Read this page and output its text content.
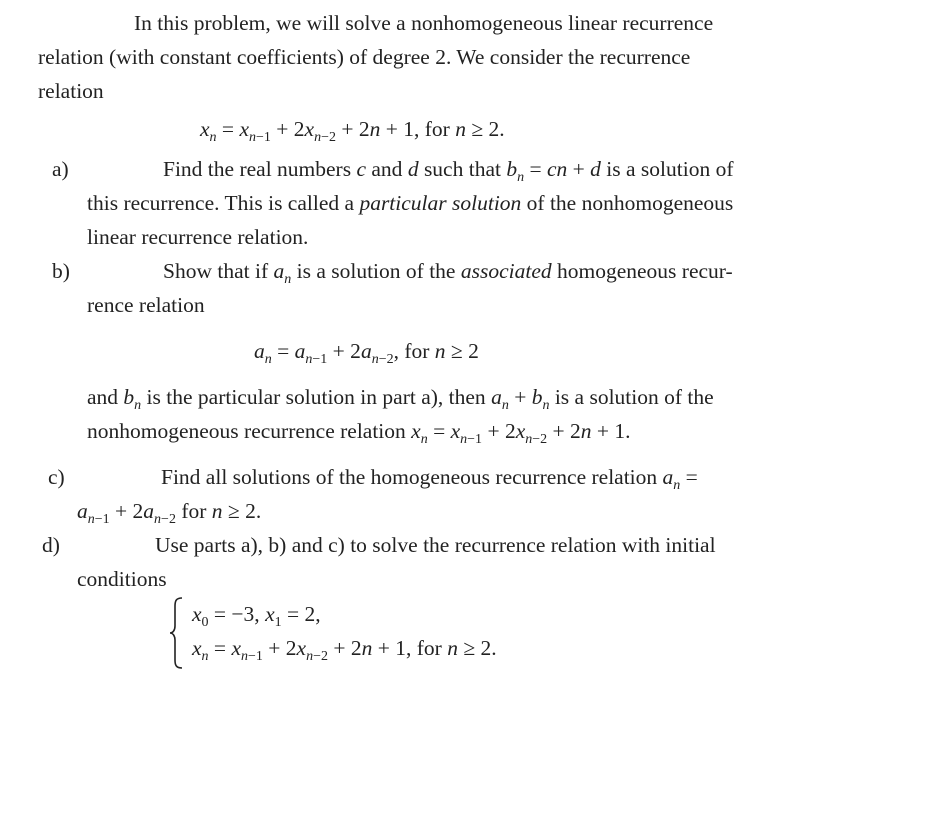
In this problem, we will solve a nonhomogeneous linear recurrence
relation (with constant coefficients) of degree 2. We consider the recurrence
relation
$x_n = x_{n-1} + 2x_{n-2} + 2n + 1$, for n ≥ 2.
a)	Find the real numbers c and d such that $b_n$ = cn + d is a solution of
this recurrence. This is called a particular solution of the nonhomogeneous
linear recurrence relation.
b)	Show that if $a_n$ is a solution of the associated homogeneous recur-
rence relation
$a_n = a_{n-1} + 2a_{n-2}$, for n ≥ 2
and $b_n$ is the particular solution in part a), then $a_n + b_n$ is a solution of the
nonhomogeneous recurrence relation $x_n = x_{n-1} + 2x_{n-2} + 2n + 1$.
c)	Find all solutions of the homogeneous recurrence relation $a_n$ =
$a_{n-1} + 2a_{n-2}$ for n ≥ 2.
d)	Use parts a), b) and c) to solve the recurrence relation with initial
conditions
$x_0 = -3$, $x_1 = 2$,
$x_n = x_{n-1} + 2x_{n-2} + 2n + 1$, for n ≥ 2.
